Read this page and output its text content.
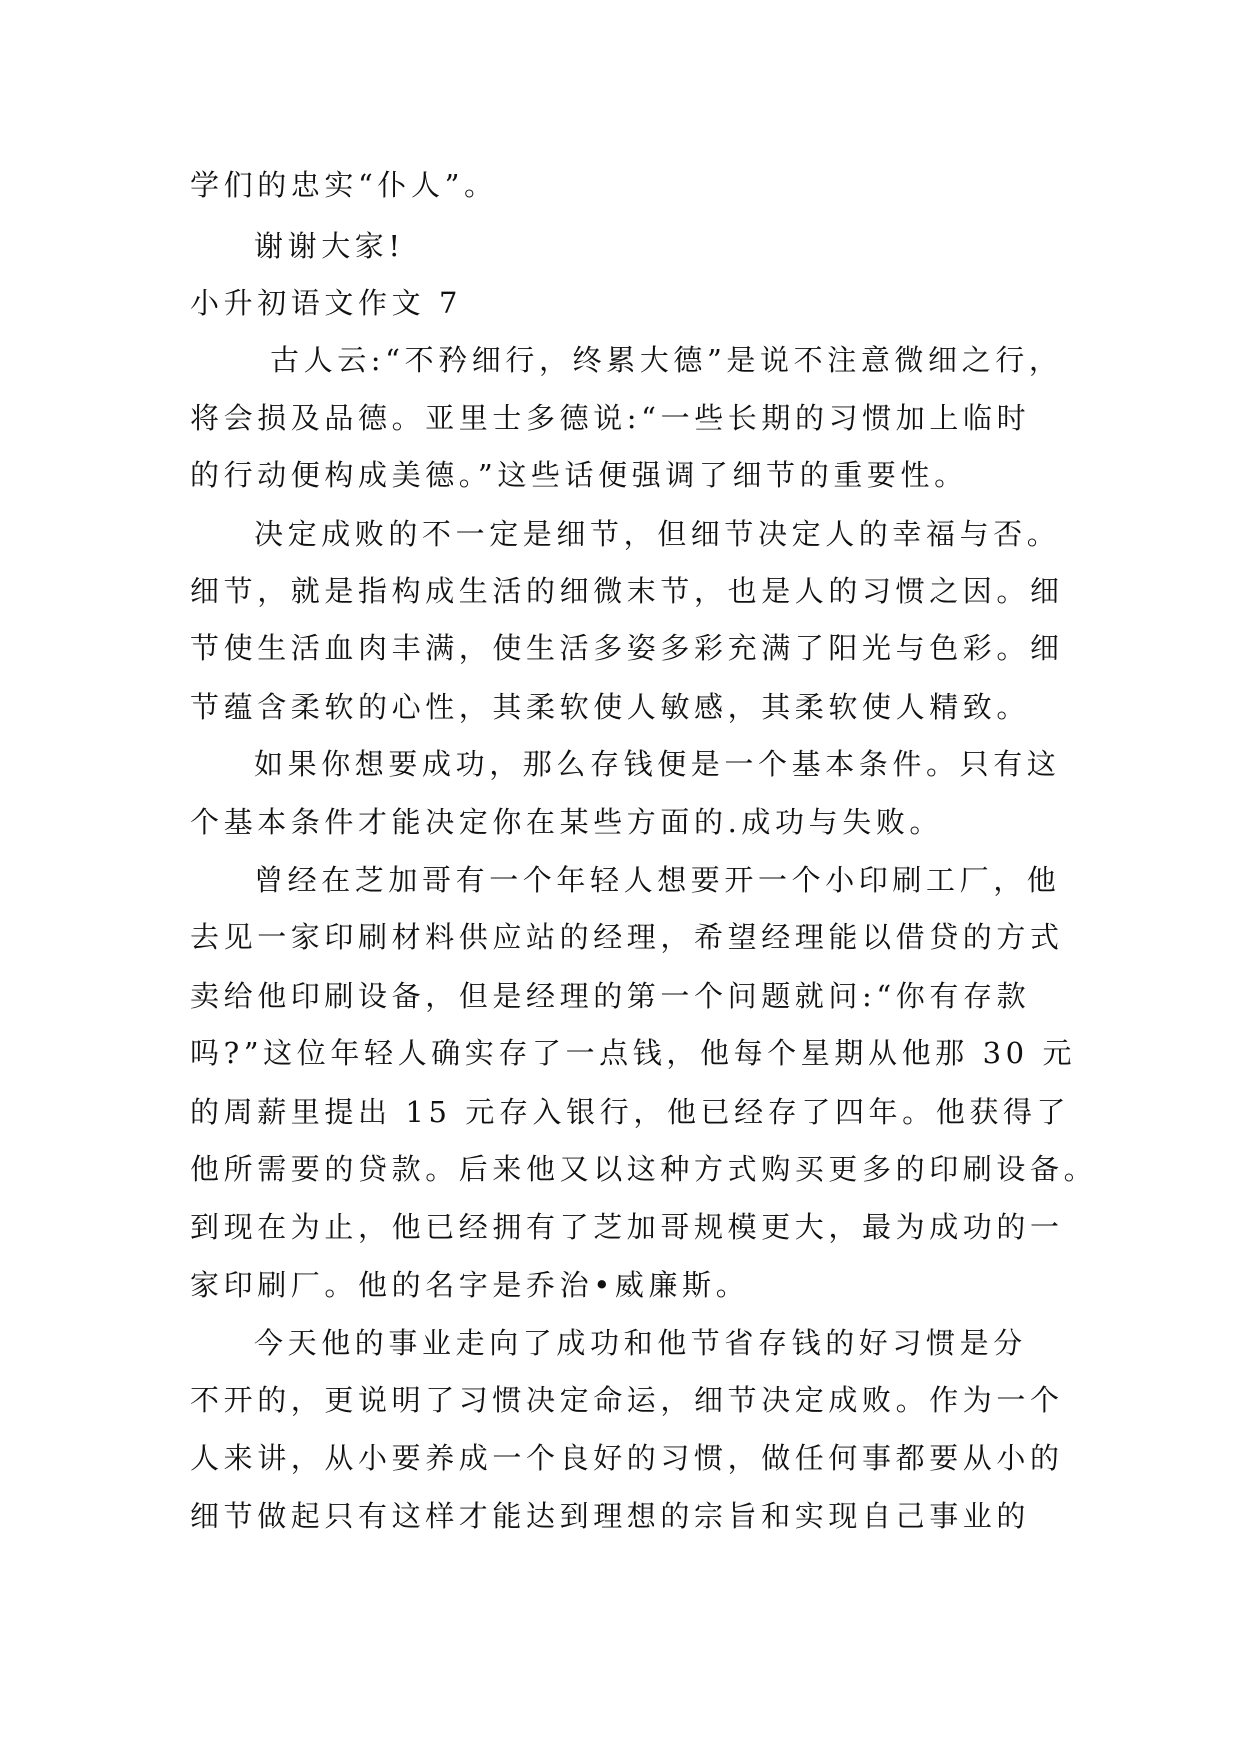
学们的忠实“仆人”。
谢谢大家!
小升初语文作文 7
古人云:“不矜细行，终累大德”是说不注意微细之行，
将会损及品德。亚里士多德说:“一些长期的习惯加上临时
的行动便构成美德。”这些话便强调了细节的重要性。
决定成败的不一定是细节，但细节决定人的幸福与否。
细节，就是指构成生活的细微末节，也是人的习惯之因。细
节使生活血肉丰满，使生活多姿多彩充满了阳光与色彩。细
节蕴含柔软的心性，其柔软使人敏感，其柔软使人精致。
如果你想要成功，那么存钱便是一个基本条件。只有这
个基本条件才能决定你在某些方面的.成功与失败。
曾经在芝加哥有一个年轻人想要开一个小印刷工厂，他
去见一家印刷材料供应站的经理，希望经理能以借贷的方式
卖给他印刷设备，但是经理的第一个问题就问:“你有存款
吗?”这位年轻人确实存了一点钱，他每个星期从他那 30 元
的周薪里提出 15 元存入银行，他已经存了四年。他获得了
他所需要的贷款。后来他又以这种方式购买更多的印刷设备。
到现在为止，他已经拥有了芝加哥规模更大，最为成功的一
家印刷厂。他的名字是乔治•威廉斯。
今天他的事业走向了成功和他节省存钱的好习惯是分
不开的，更说明了习惯决定命运，细节决定成败。作为一个
人来讲，从小要养成一个良好的习惯，做任何事都要从小的
细节做起只有这样才能达到理想的宗旨和实现自己事业的
